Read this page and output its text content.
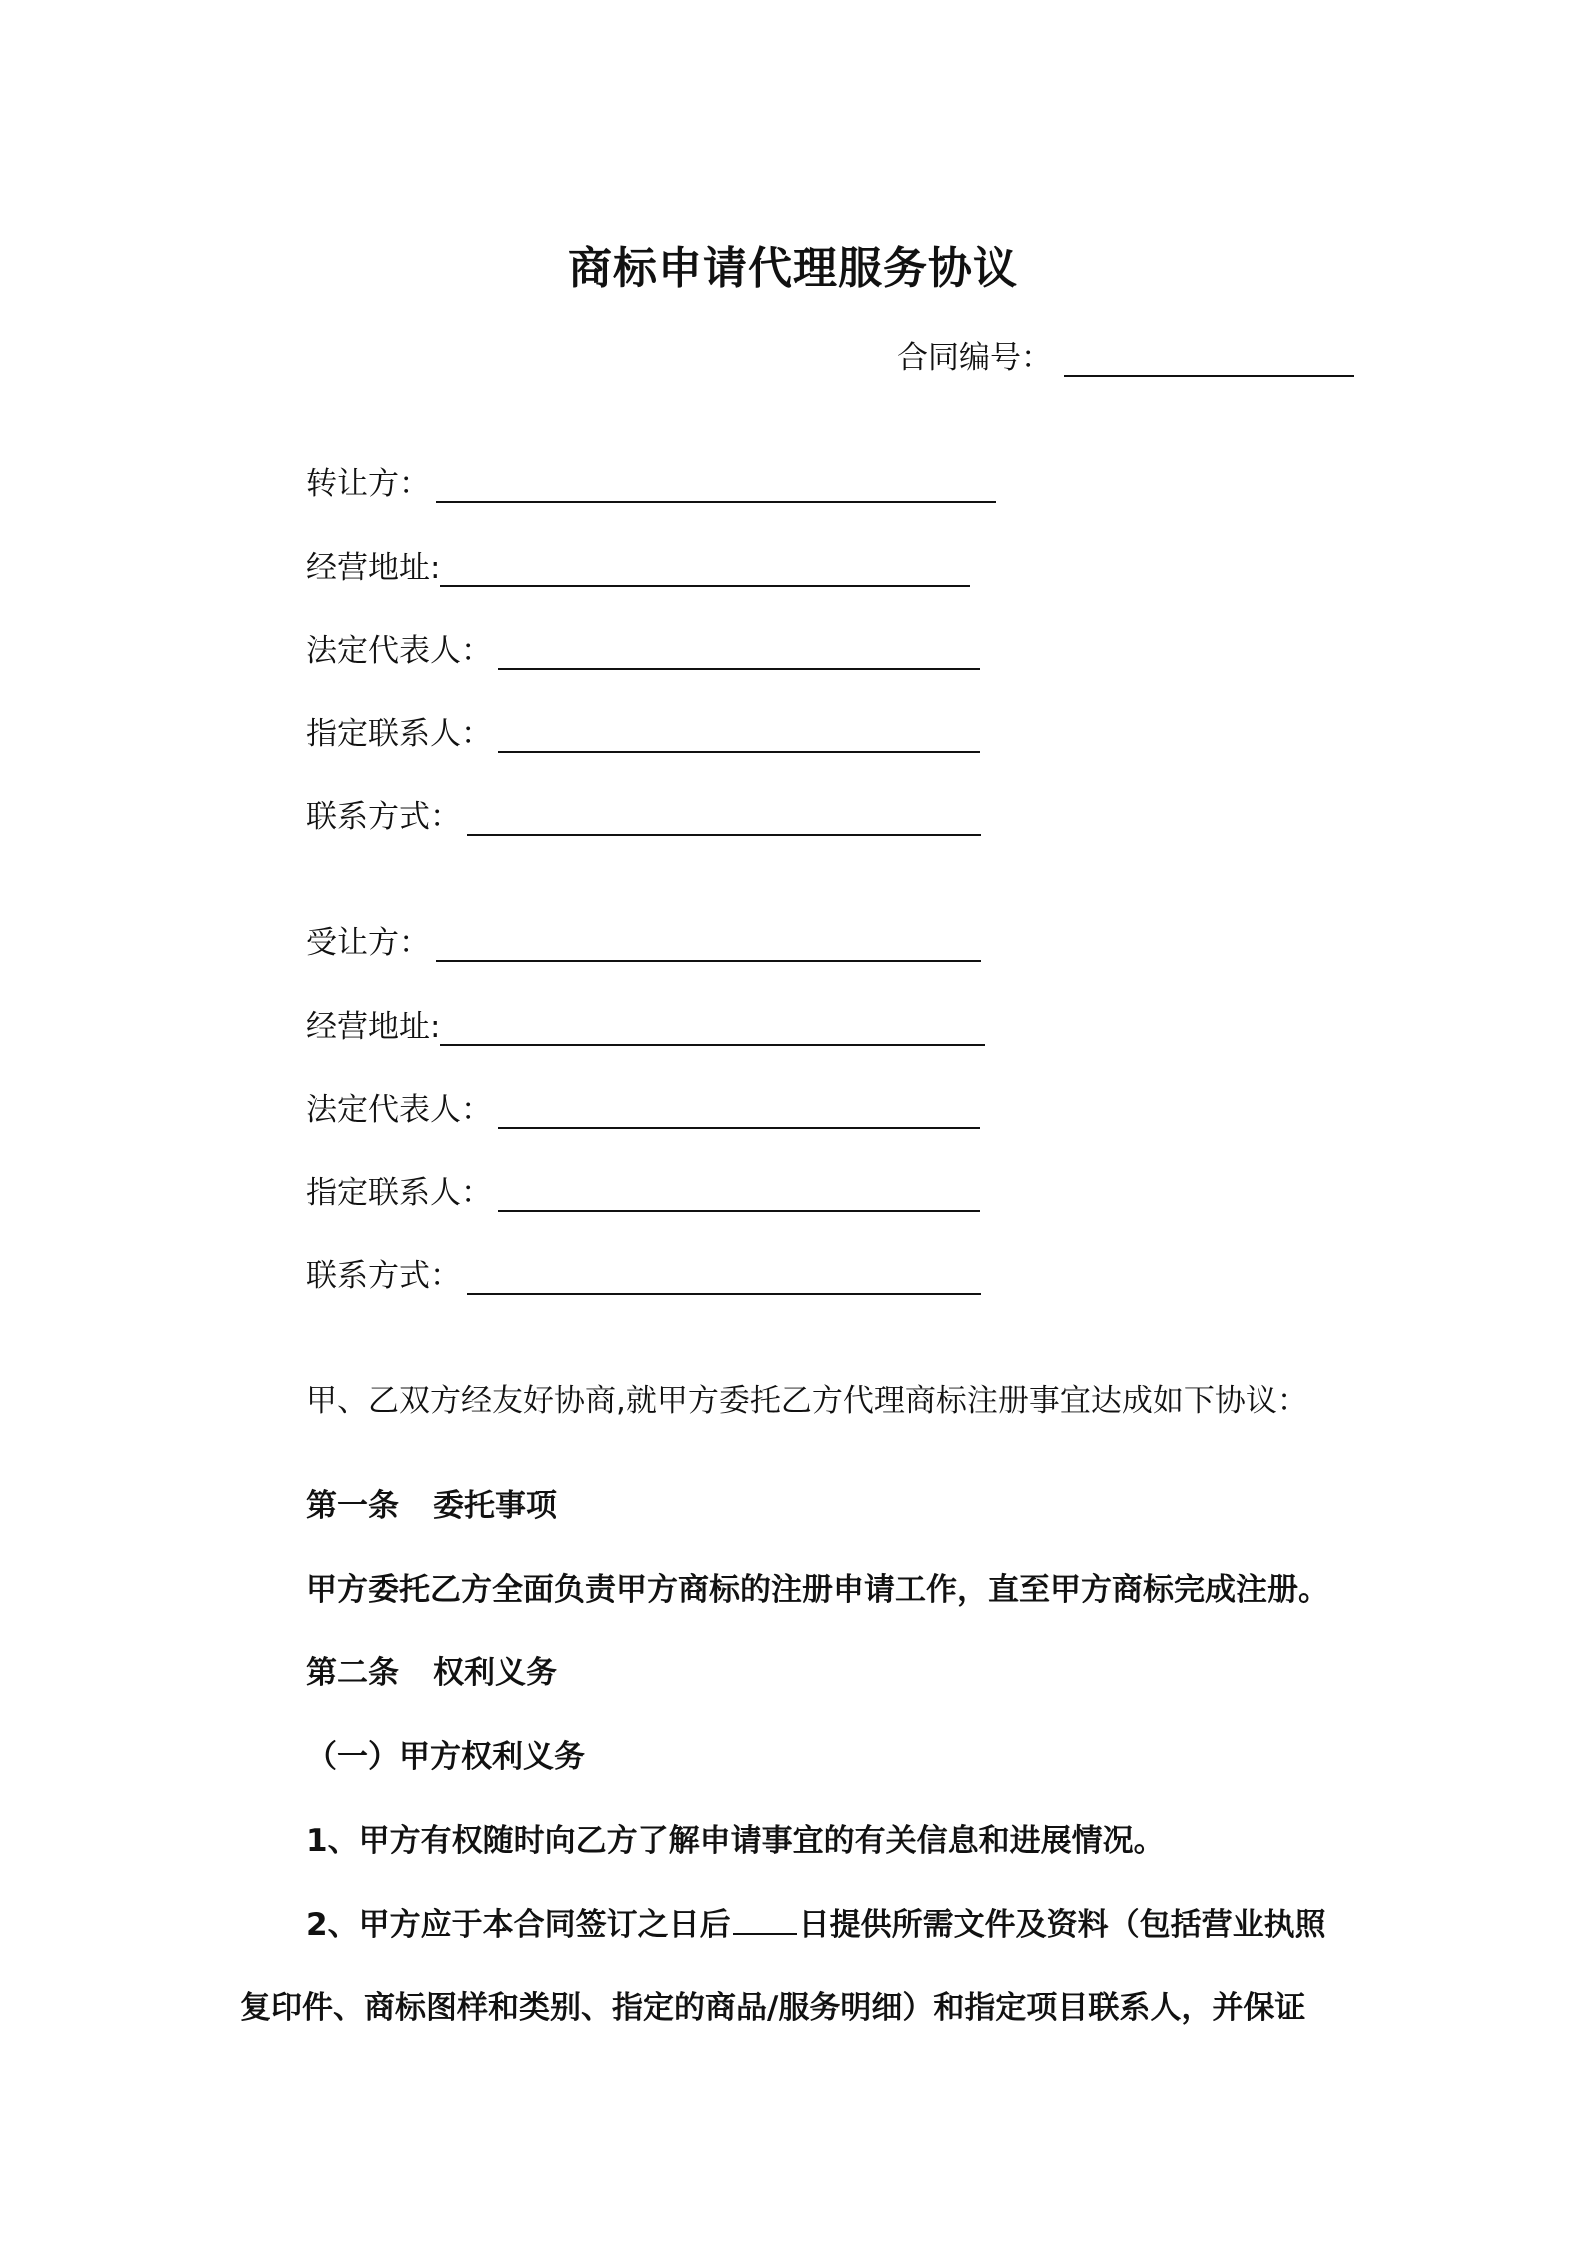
商标申请代理服务协议
合同编号：
转让方：
经营地址:
法定代表人：
指定联系人：
联系方式：
受让方：
经营地址:
法定代表人：
指定联系人：
联系方式：
甲、乙双方经友好协商,就甲方委托乙方代理商标注册事宜达成如下协议：
第一条 委托事项
甲方委托乙方全面负责甲方商标的注册申请工作，直至甲方商标完成注册。
第二条 权利义务
（一）甲方权利义务
1、甲方有权随时向乙方了解申请事宜的有关信息和进展情况。
2、甲方应于本合同签订之日后 日提供所需文件及资料（包括营业执照
复印件、商标图样和类别、指定的商品/服务明细）和指定项目联系人，并保证
